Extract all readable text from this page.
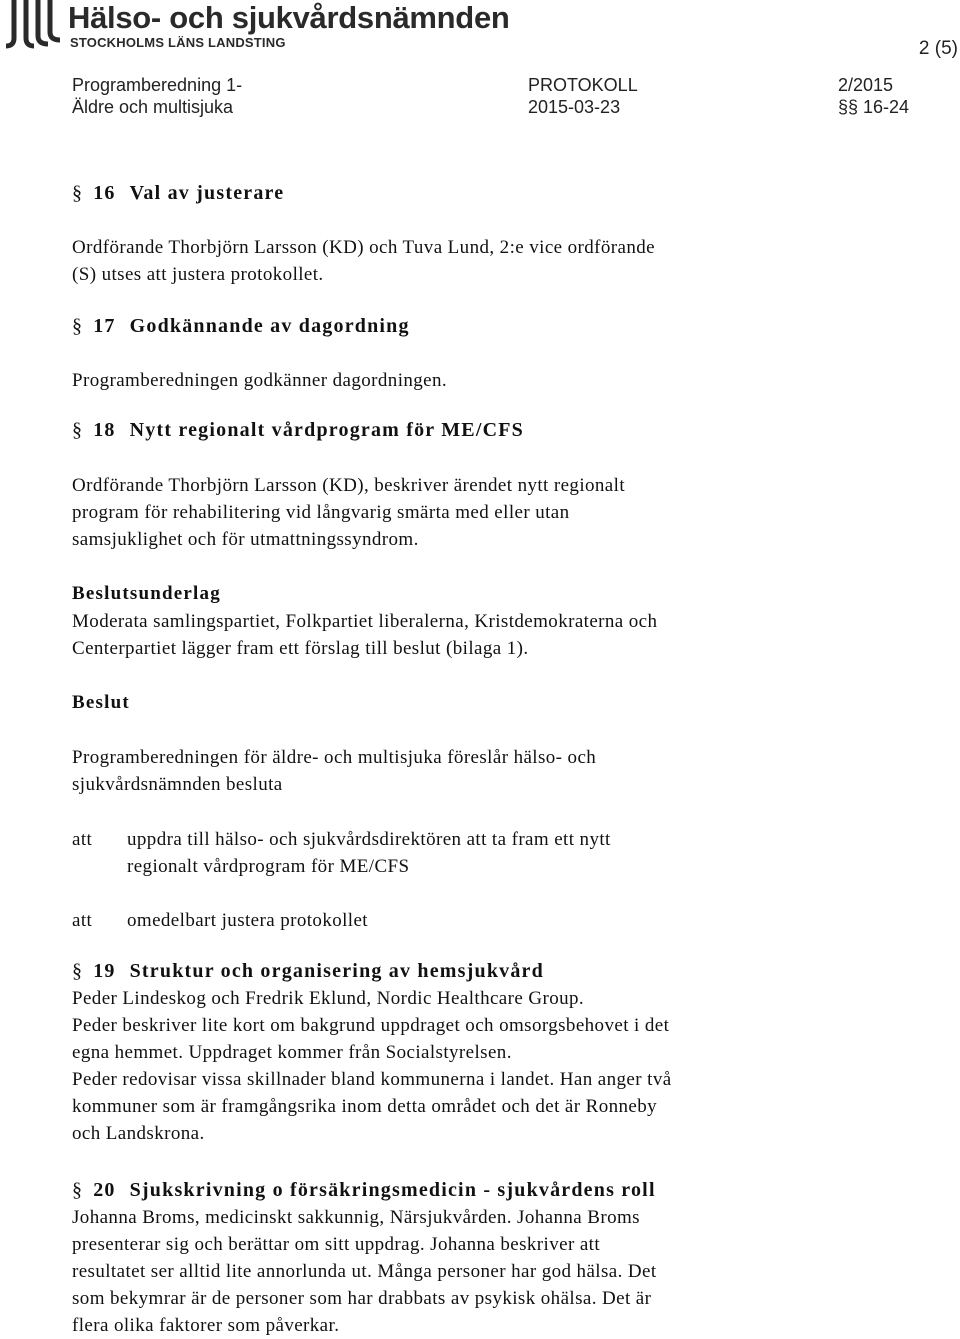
Hälso- och sjukvårdsnämnden
STOCKHOLMS LÄNS LANDSTING	2 (5)
Programberedning 1-
Äldre och multisjuka
PROTOKOLL
2015-03-23
2/2015
§§ 16-24
§ 16 Val av justerare
Ordförande Thorbjörn Larsson (KD) och Tuva Lund, 2:e vice ordförande
(S) utses att justera protokollet.
§ 17 Godkännande av dagordning
Programberedningen godkänner dagordningen.
§ 18 Nytt regionalt vårdprogram för ME/CFS
Ordförande Thorbjörn Larsson (KD), beskriver ärendet nytt regionalt
program för rehabilitering vid långvarig smärta med eller utan
samsjuklighet och för utmattningssyndrom.
Beslutsunderlag
Moderata samlingspartiet, Folkpartiet liberalerna, Kristdemokraterna och
Centerpartiet lägger fram ett förslag till beslut (bilaga 1).
Beslut
Programberedningen för äldre- och multisjuka föreslår hälso- och
sjukvårdsnämnden besluta
att uppdra till hälso- och sjukvårdsdirektören att ta fram ett nytt
regionalt vårdprogram för ME/CFS
att omedelbart justera protokollet
§ 19 Struktur och organisering av hemsjukvård
Peder Lindeskog och Fredrik Eklund, Nordic Healthcare Group.
Peder beskriver lite kort om bakgrund uppdraget och omsorgsbehovet i det
egna hemmet. Uppdraget kommer från Socialstyrelsen.
Peder redovisar vissa skillnader bland kommunerna i landet. Han anger två
kommuner som är framgångsrika inom detta området och det är Ronneby
och Landskrona.
§ 20 Sjukskrivning o försäkringsmedicin - sjukvårdens roll
Johanna Broms, medicinskt sakkunnig, Närsjukvården. Johanna Broms
presenterar sig och berättar om sitt uppdrag. Johanna beskriver att
resultatet ser alltid lite annorlunda ut. Många personer har god hälsa. Det
som bekymrar är de personer som har drabbats av psykisk ohälsa. Det är
flera olika faktorer som påverkar.
